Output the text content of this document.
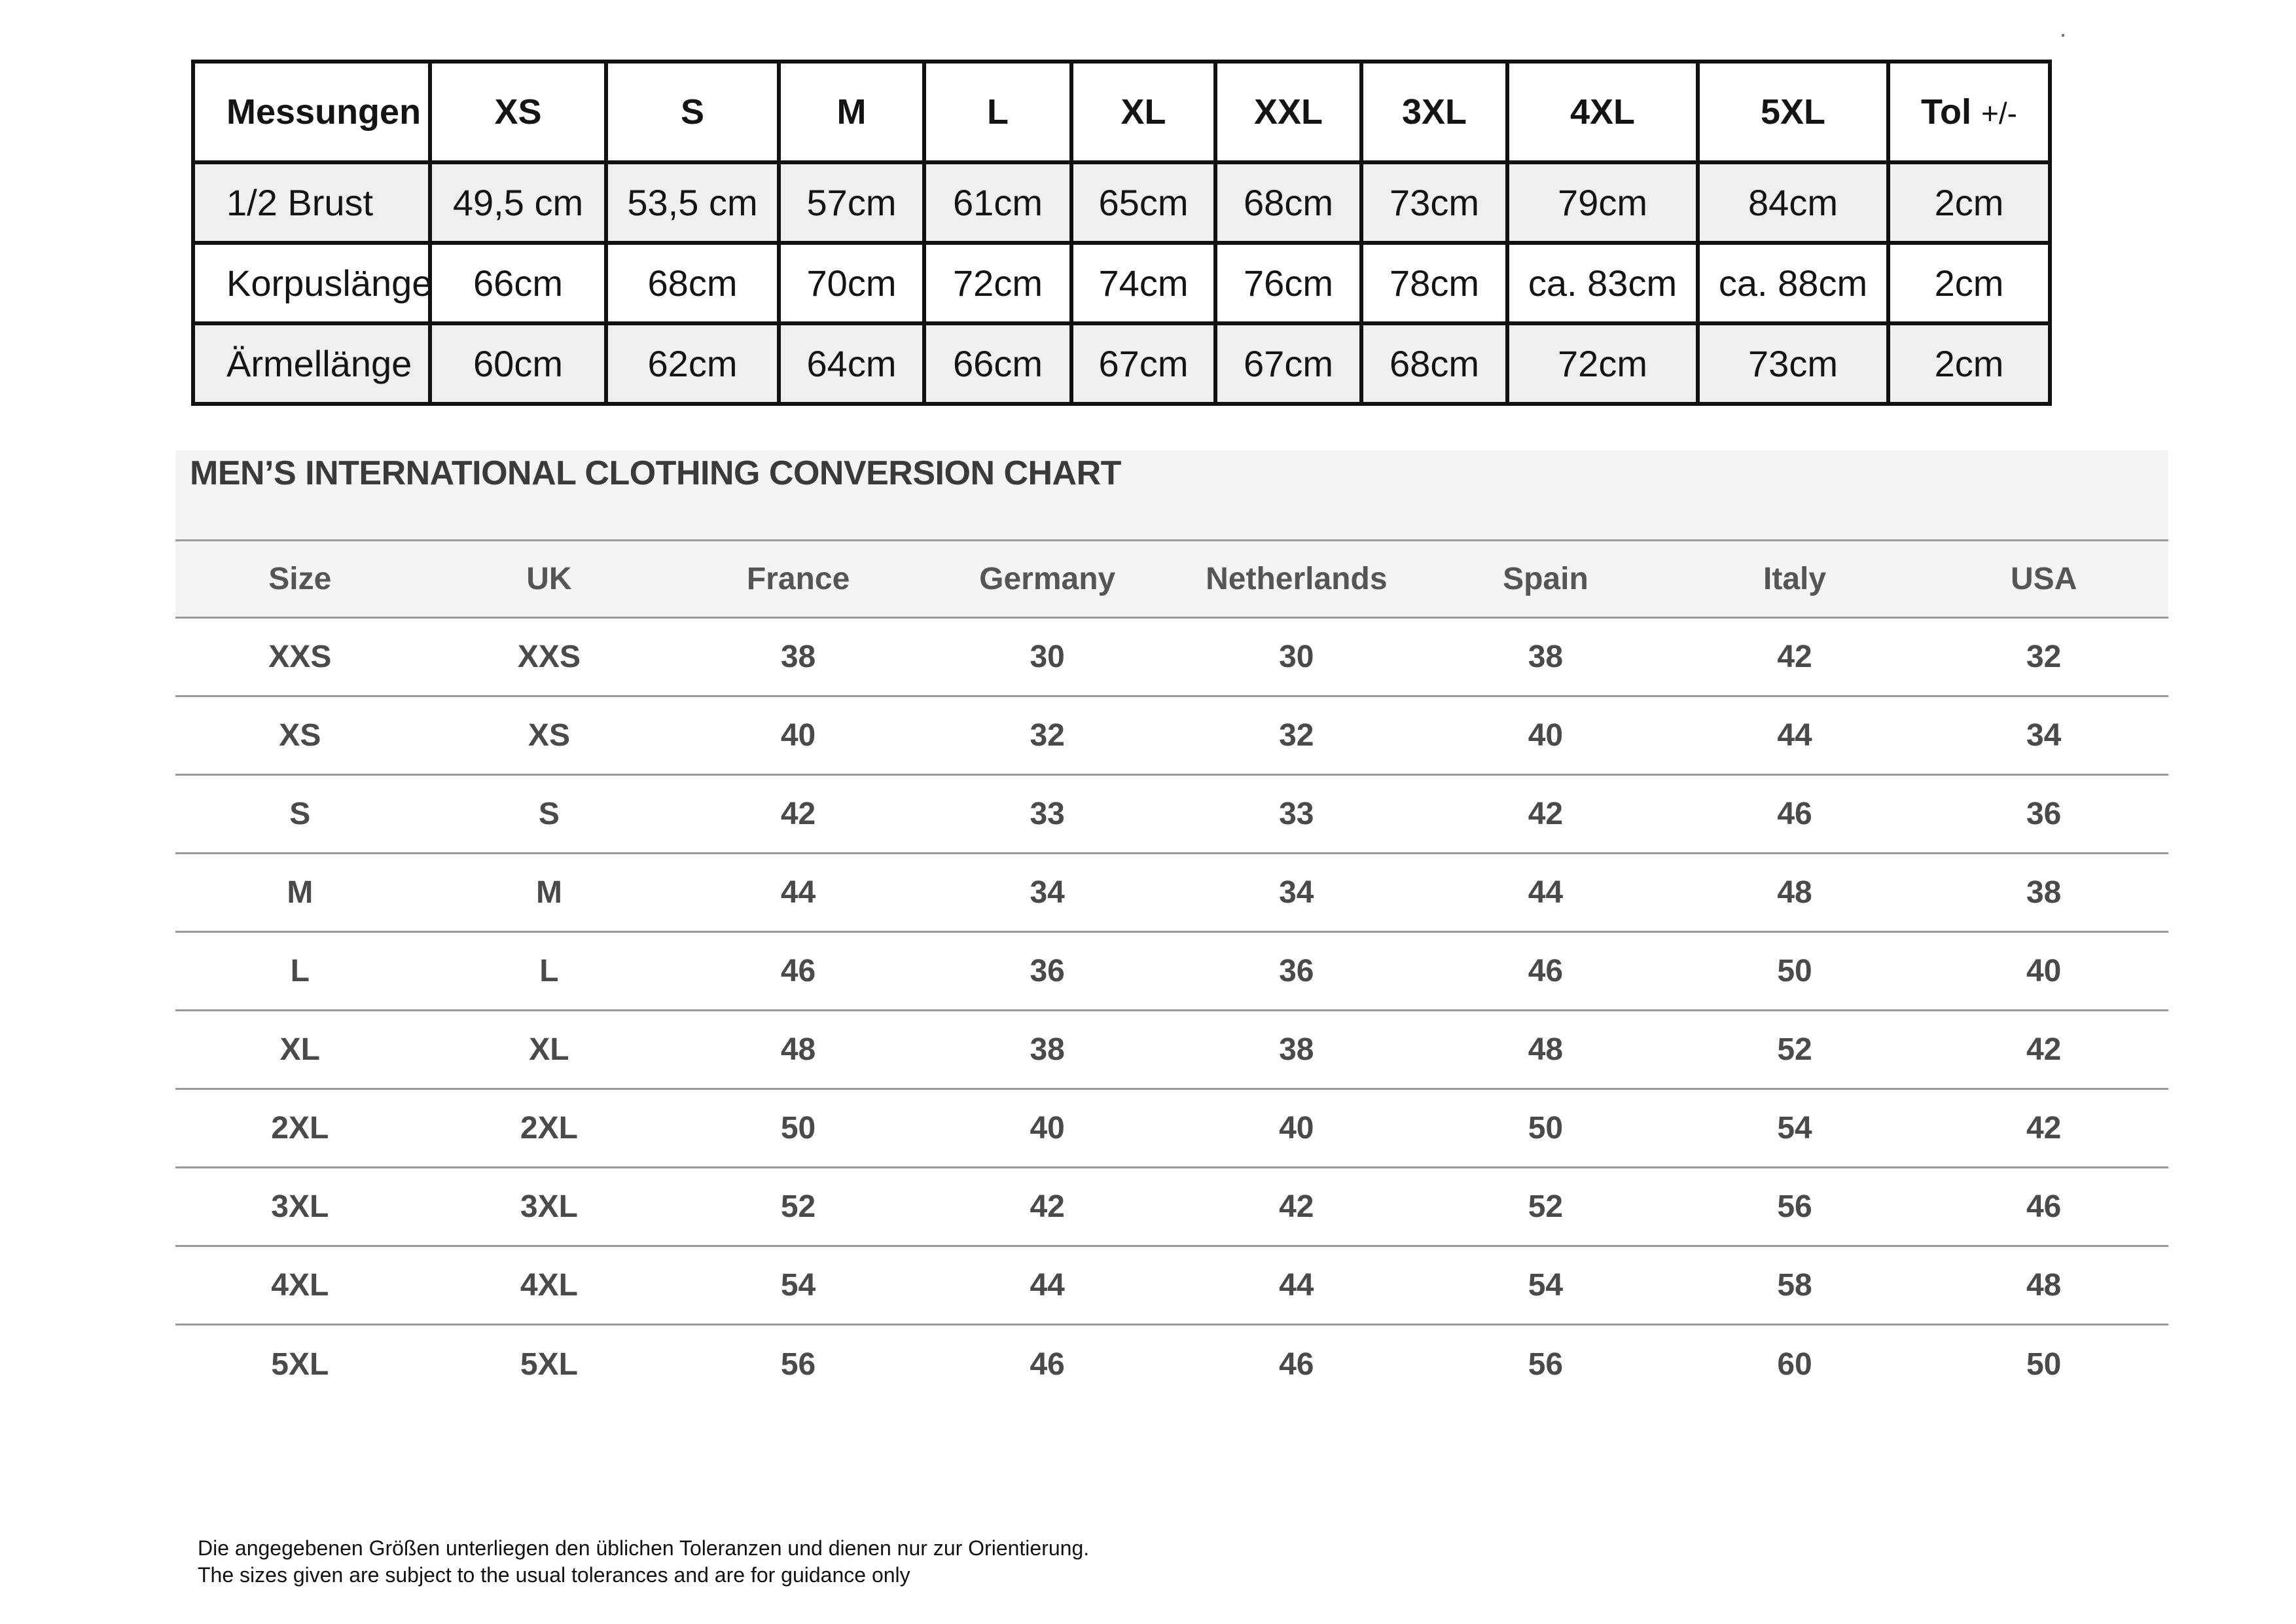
Messungen	XS	S	M	L	XL	XXL	3XL	4XL	5XL	Tol +/-
1/2 Brust	49,5 cm	53,5 cm	57cm	61cm	65cm	68cm	73cm	79cm	84cm	2cm
Korpuslänge	66cm	68cm	70cm	72cm	74cm	76cm	78cm	ca. 83cm	ca. 88cm	2cm
Ärmellänge	60cm	62cm	64cm	66cm	67cm	67cm	68cm	72cm	73cm	2cm
MEN’S INTERNATIONAL CLOTHING CONVERSION CHART
Size	UK	France	Germany	Netherlands	Spain	Italy	USA
XXS	XXS	38	30	30	38	42	32
XS	XS	40	32	32	40	44	34
S	S	42	33	33	42	46	36
M	M	44	34	34	44	48	38
L	L	46	36	36	46	50	40
XL	XL	48	38	38	48	52	42
2XL	2XL	50	40	40	50	54	42
3XL	3XL	52	42	42	52	56	46
4XL	4XL	54	44	44	54	58	48
5XL	5XL	56	46	46	56	60	50
Die angegebenen Größen unterliegen den üblichen Toleranzen und dienen nur zur Orientierung.
The sizes given are subject to the usual tolerances and are for guidance only
